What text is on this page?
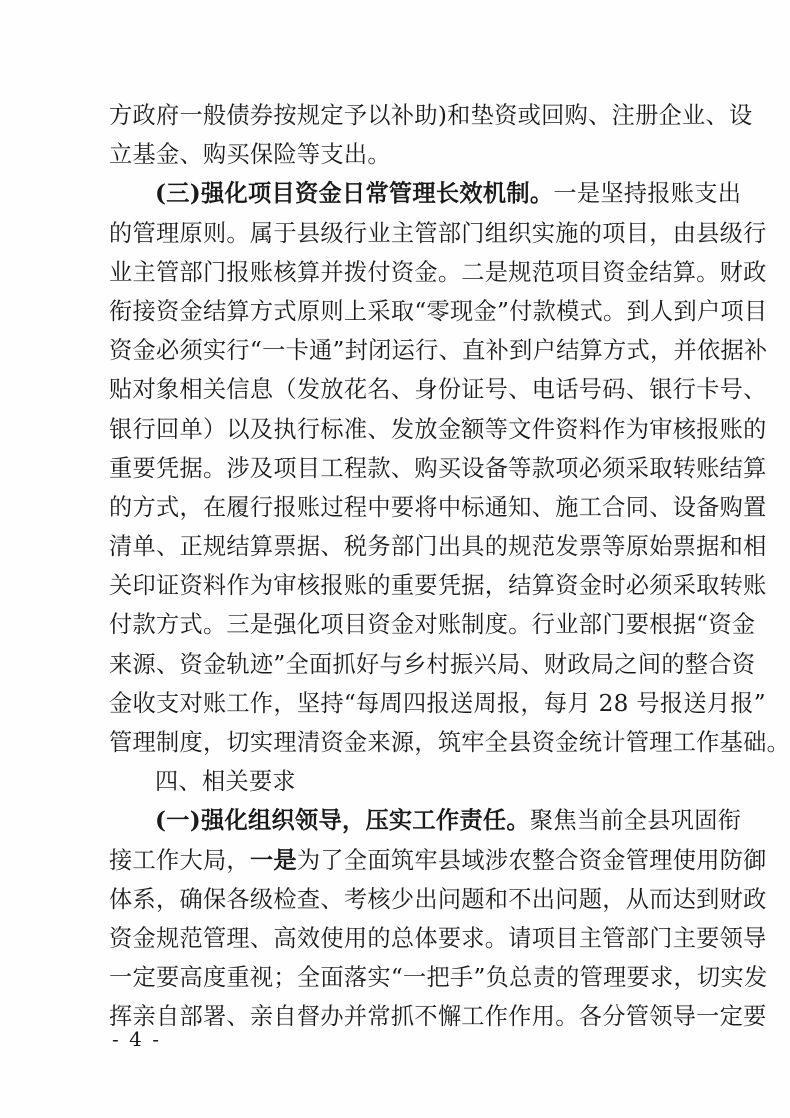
方政府一般债券按规定予以补助)和垫资或回购、注册企业、设
立基金、购买保险等支出。
(三)强化项目资金日常管理长效机制。一是坚持报账支出
的管理原则。属于县级行业主管部门组织实施的项目，由县级行
业主管部门报账核算并拨付资金。二是规范项目资金结算。财政
衔接资金结算方式原则上采取“零现金”付款模式。到人到户项目
资金必须实行“一卡通”封闭运行、直补到户结算方式，并依据补
贴对象相关信息（发放花名、身份证号、电话号码、银行卡号、
银行回单）以及执行标准、发放金额等文件资料作为审核报账的
重要凭据。涉及项目工程款、购买设备等款项必须采取转账结算
的方式，在履行报账过程中要将中标通知、施工合同、设备购置
清单、正规结算票据、税务部门出具的规范发票等原始票据和相
关印证资料作为审核报账的重要凭据，结算资金时必须采取转账
付款方式。三是强化项目资金对账制度。行业部门要根据“资金
来源、资金轨迹”全面抓好与乡村振兴局、财政局之间的整合资
金收支对账工作，坚持“每周四报送周报，每月 28 号报送月报”
管理制度，切实理清资金来源，筑牢全县资金统计管理工作基础。
四、相关要求
(一)强化组织领导，压实工作责任。聚焦当前全县巩固衔
接工作大局，一是为了全面筑牢县域涉农整合资金管理使用防御
体系，确保各级检查、考核少出问题和不出问题，从而达到财政
资金规范管理、高效使用的总体要求。请项目主管部门主要领导
一定要高度重视；全面落实“一把手”负总责的管理要求，切实发
挥亲自部署、亲自督办并常抓不懈工作作用。各分管领导一定要
- 4 -
